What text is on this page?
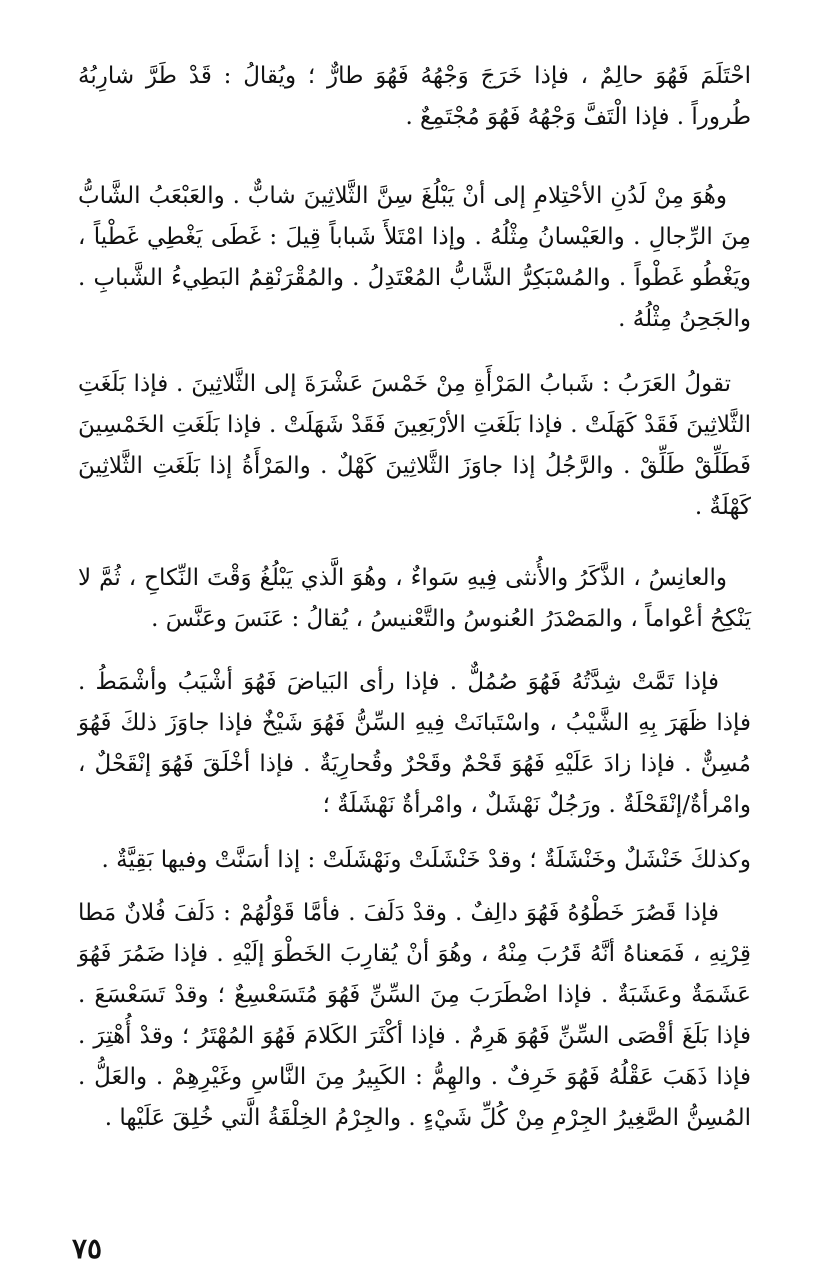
احْتَلَمَ فَهُوَ حالِمٌ ، فإذا خَرَجَ وَجْهُهُ فَهُوَ طارٌّ ؛ ويُقالُ : قَدْ طَرَّ شارِبُهُ طُروراً . فإذا الْتَفَّ وَجْهُهُ فَهُوَ مُجْتَمِعٌ .

وهُوَ مِنْ لَدُنِ الأحْتِلامِ إلى أنْ يَبْلُغَ سِنَّ الثَّلاثِينَ شابٌّ . والعَبْعَبُ الشَّابُّ مِنَ الرِّجالِ . والعَيْسانُ مِثْلُهُ . وإذا امْتَلأَ شَباباً قِيلَ : غَطَى يَغْطِي غَطْياً ، ويَغْطُو غَطْواً . والمُسْبَكِرُّ الشَّابُّ المُعْتَدِلُ . والمُقْرَنْقِمُ البَطِيءُ الشَّبابِ . والجَحِنُ مِثْلُهُ .

تقولُ العَرَبُ : شَبابُ المَرْأَةِ مِنْ خَمْسَ عَشْرَةَ إلى الثَّلاثِينَ . فإذا بَلَغَتِ الثَّلاثِينَ فَقَدْ كَهَلَتْ . فإذا بَلَغَتِ الأرْبَعِينَ فَقَدْ شَهَلَتْ . فإذا بَلَغَتِ الخَمْسِينَ فَطَلِّقْ طَلِّقْ . والرَّجُلُ إذا جاوَزَ الثَّلاثِينَ كَهْلٌ . والمَرْأَةُ إذا بَلَغَتِ الثَّلاثِينَ كَهْلَةٌ .

والعانِسُ ، الذَّكَرُ والأُنثى فِيهِ سَواءٌ ، وهُوَ الَّذي يَبْلُغُ وَقْتَ النِّكاحِ ، ثُمَّ لا يَنْكِحُ أعْواماً ، والمَصْدَرُ العُنوسُ والتَّعْنيسُ ، يُقالُ : عَنَسَ وعَنَّسَ .

فإذا تَمَّتْ شِدَّتُهُ فَهُوَ صُمُلٌّ . فإذا رأى البَياضَ فَهُوَ أشْيَبُ وأشْمَطُ . فإذا ظَهَرَ بِهِ الشَّيْبُ ، واسْتَبانَتْ فِيهِ السِّنُّ فَهُوَ شَيْخٌ فإذا جاوَزَ ذلكَ فَهُوَ مُسِنٌّ . فإذا زادَ عَلَيْهِ فَهُوَ قَحْمٌ وقَحْرٌ وقُحارِيَةٌ . فإذا أخْلَقَ فَهُوَ إنْقَحْلٌ ، وامْرأةٌ/إنْقَحْلَةٌ . ورَجُلٌ نَهْشَلٌ ، وامْرأةٌ نَهْشَلَةٌ ؛

وكذلكَ خَنْشَلٌ وخَنْشَلَةٌ ؛ وقدْ خَنْشَلَتْ ونَهْشَلَتْ : إذا أسَنَّتْ وفيها بَقِيَّةٌ .

فإذا قَصُرَ خَطْوُهُ فَهُوَ دالِفٌ . وقدْ دَلَفَ . فأمَّا قَوْلُهُمْ : دَلَفَ فُلانٌ مَطا قِرْنِهِ ، فَمَعناهُ أنَّهُ قَرُبَ مِنْهُ ، وهُوَ أنْ يُقارِبَ الخَطْوَ إلَيْهِ . فإذا ضَمُرَ فَهُوَ عَشَمَةٌ وعَشَبَةٌ . فإذا اضْطَرَبَ مِنَ السِّنِّ فَهُوَ مُتَسَعْسِعٌ ؛ وقدْ تَسَعْسَعَ . فإذا بَلَغَ أقْصَى السِّنِّ فَهُوَ هَرِمٌ . فإذا أكْثَرَ الكَلامَ فَهُوَ المُهْتَرُ ؛ وقدْ أُهْتِرَ . فإذا ذَهَبَ عَقْلُهُ فَهُوَ خَرِفٌ . والهِمُّ : الكَبِيرُ مِنَ النَّاسِ وغَيْرِهِمْ . والعَلُّ . المُسِنُّ الصَّغِيرُ الجِرْمِ مِنْ كُلِّ شَيْءٍ . والجِرْمُ الخِلْقَةُ الَّتي خُلِقَ عَلَيْها .

٧٥
